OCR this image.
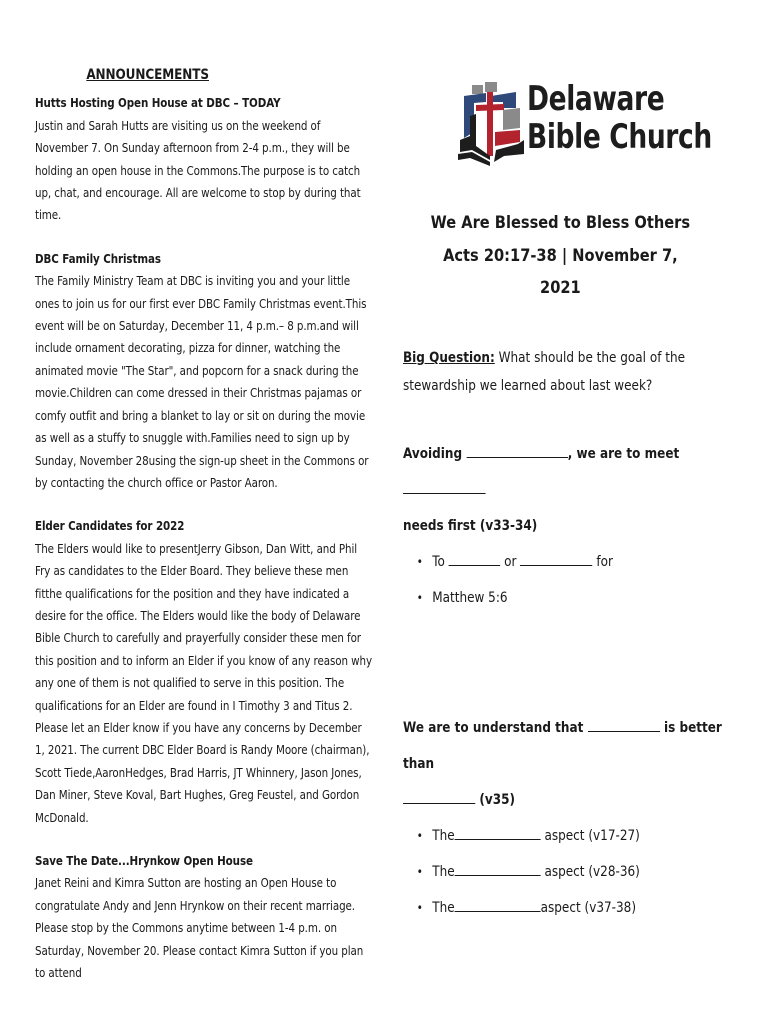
ANNOUNCEMENTS
Hutts Hosting Open House at DBC – TODAY

Justin and Sarah Hutts are visiting us on the weekend of November 7. On Sunday afternoon from 2-4 p.m., they will be holding an open house in the Commons.The purpose is to catch up, chat, and encourage. All are welcome to stop by during that time.

DBC Family Christmas

The Family Ministry Team at DBC is inviting you and your little ones to join us for our first ever DBC Family Christmas event.This event will be on Saturday, December 11, 4 p.m.– 8 p.m.and will include ornament decorating, pizza for dinner, watching the animated movie "The Star", and popcorn for a snack during the movie.Children can come dressed in their Christmas pajamas or comfy outfit and bring a blanket to lay or sit on during the movie as well as a stuffy to snuggle with.Families need to sign up by Sunday, November 28using the sign-up sheet in the Commons or by contacting the church office or Pastor Aaron.

Elder Candidates for 2022

The Elders would like to presentJerry Gibson, Dan Witt, and Phil Fry as candidates to the Elder Board. They believe these men fitthe qualifications for the position and they have indicated a desire for the office. The Elders would like the body of Delaware Bible Church to carefully and prayerfully consider these men for this position and to inform an Elder if you know of any reason why any one of them is not qualified to serve in this position. The qualifications for an Elder are found in I Timothy 3 and Titus 2. Please let an Elder know if you have any concerns by December 1, 2021. The current DBC Elder Board is Randy Moore (chairman), Scott Tiede,AaronHedges, Brad Harris, JT Whinnery, Jason Jones, Dan Miner, Steve Koval, Bart Hughes, Greg Feustel, and Gordon McDonald.

Save The Date...Hrynkow Open House

Janet Reini and Kimra Sutton are hosting an Open House to congratulate Andy and Jenn Hrynkow on their recent marriage. Please stop by the Commons anytime between 1-4 p.m. on Saturday, November 20. Please contact Kimra Sutton if you plan to attend

Delaware
Bible Church
We Are Blessed to Bless Others
Acts 20:17-38 | November 7, 2021
Big Question: What should be the goal of the stewardship we learned about last week?
Avoiding	, we are to meet
needs first (v33-34)
• To	or	for
• Matthew 5:6
We are to understand that	is better than
(v35)
• The	aspect (v17-27)
• The	aspect (v28-36)
• The	aspect (v37-38)
